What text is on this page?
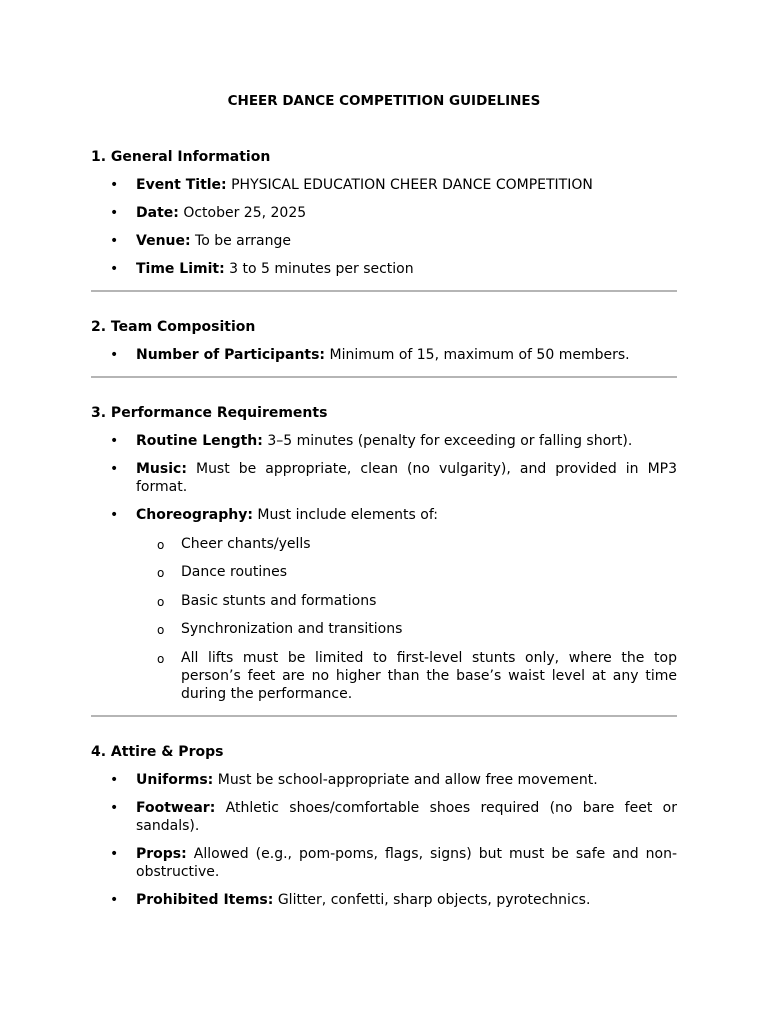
CHEER DANCE COMPETITION GUIDELINES
1. General Information
• Event Title: PHYSICAL EDUCATION CHEER DANCE COMPETITION
• Date: October 25, 2025
• Venue: To be arrange
• Time Limit: 3 to 5 minutes per section
2. Team Composition
• Number of Participants: Minimum of 15, maximum of 50 members.
3. Performance Requirements
• Routine Length: 3–5 minutes (penalty for exceeding or falling short).
• Music: Must be appropriate, clean (no vulgarity), and provided in MP3 format.
• Choreography: Must include elements of:
o Cheer chants/yells
o Dance routines
o Basic stunts and formations
o Synchronization and transitions
o All lifts must be limited to first-level stunts only, where the top person’s feet are no higher than the base’s waist level at any time during the performance.
4. Attire & Props
• Uniforms: Must be school-appropriate and allow free movement.
• Footwear: Athletic shoes/comfortable shoes required (no bare feet or sandals).
• Props: Allowed (e.g., pom-poms, flags, signs) but must be safe and non-obstructive.
• Prohibited Items: Glitter, confetti, sharp objects, pyrotechnics.
